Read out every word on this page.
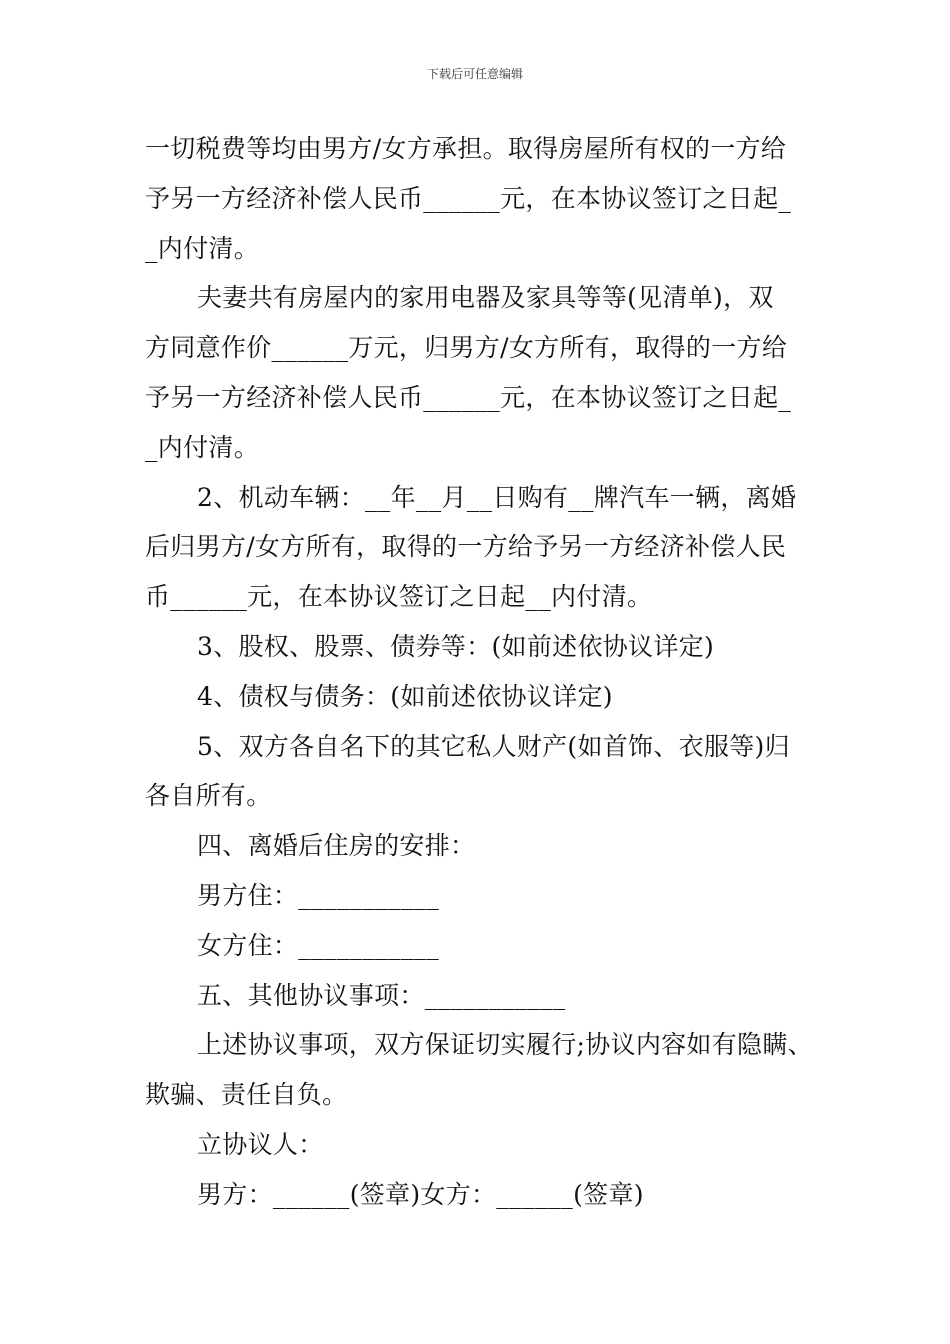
下载后可任意编辑

一切税费等均由男方/女方承担。取得房屋所有权的一方给

予另一方经济补偿人民币______元，在本协议签订之日起_

_内付清。

夫妻共有房屋内的家用电器及家具等等(见清单)，双

方同意作价______万元，归男方/女方所有，取得的一方给

予另一方经济补偿人民币______元，在本协议签订之日起_

_内付清。

2、机动车辆：__年__月__日购有__牌汽车一辆，离婚

后归男方/女方所有，取得的一方给予另一方经济补偿人民

币______元，在本协议签订之日起__内付清。

3、股权、股票、债券等：(如前述依协议详定)

4、债权与债务：(如前述依协议详定)

5、双方各自名下的其它私人财产(如首饰、衣服等)归

各自所有。

四、离婚后住房的安排：

男方住：___________

女方住：___________

五、其他协议事项：___________

上述协议事项，双方保证切实履行;协议内容如有隐瞒、

欺骗、责任自负。

立协议人：

男方：______(签章)女方：______(签章)
